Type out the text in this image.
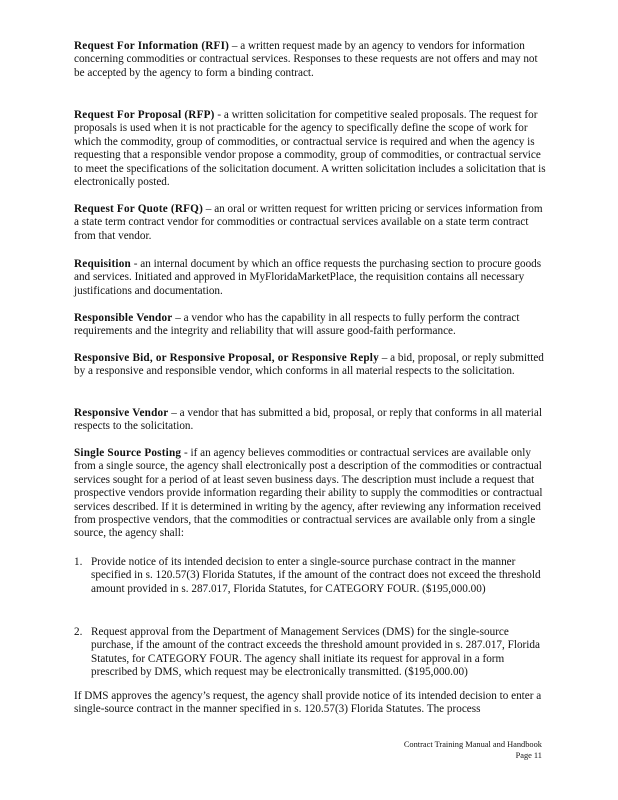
Request For Information (RFI) – a written request made by an agency to vendors for information concerning commodities or contractual services. Responses to these requests are not offers and may not be accepted by the agency to form a binding contract.

Request For Proposal (RFP) - a written solicitation for competitive sealed proposals. The request for proposals is used when it is not practicable for the agency to specifically define the scope of work for which the commodity, group of commodities, or contractual service is required and when the agency is requesting that a responsible vendor propose a commodity, group of commodities, or contractual service to meet the specifications of the solicitation document. A written solicitation includes a solicitation that is electronically posted.

Request For Quote (RFQ) – an oral or written request for written pricing or services information from a state term contract vendor for commodities or contractual services available on a state term contract from that vendor.

Requisition - an internal document by which an office requests the purchasing section to procure goods and services. Initiated and approved in MyFloridaMarketPlace, the requisition contains all necessary justifications and documentation.

Responsible Vendor – a vendor who has the capability in all respects to fully perform the contract requirements and the integrity and reliability that will assure good-faith performance.

Responsive Bid, or Responsive Proposal, or Responsive Reply – a bid, proposal, or reply submitted by a responsive and responsible vendor, which conforms in all material respects to the solicitation.

Responsive Vendor – a vendor that has submitted a bid, proposal, or reply that conforms in all material respects to the solicitation.

Single Source Posting - if an agency believes commodities or contractual services are available only from a single source, the agency shall electronically post a description of the commodities or contractual services sought for a period of at least seven business days. The description must include a request that prospective vendors provide information regarding their ability to supply the commodities or contractual services described. If it is determined in writing by the agency, after reviewing any information received from prospective vendors, that the commodities or contractual services are available only from a single source, the agency shall:

1. Provide notice of its intended decision to enter a single-source purchase contract in the manner specified in s. 120.57(3) Florida Statutes, if the amount of the contract does not exceed the threshold amount provided in s. 287.017, Florida Statutes, for CATEGORY FOUR. ($195,000.00)
2. Request approval from the Department of Management Services (DMS) for the single-source purchase, if the amount of the contract exceeds the threshold amount provided in s. 287.017, Florida Statutes, for CATEGORY FOUR. The agency shall initiate its request for approval in a form prescribed by DMS, which request may be electronically transmitted. ($195,000.00)

If DMS approves the agency’s request, the agency shall provide notice of its intended decision to enter a single-source contract in the manner specified in s. 120.57(3) Florida Statutes. The process

Contract Training Manual and Handbook
Page 11
